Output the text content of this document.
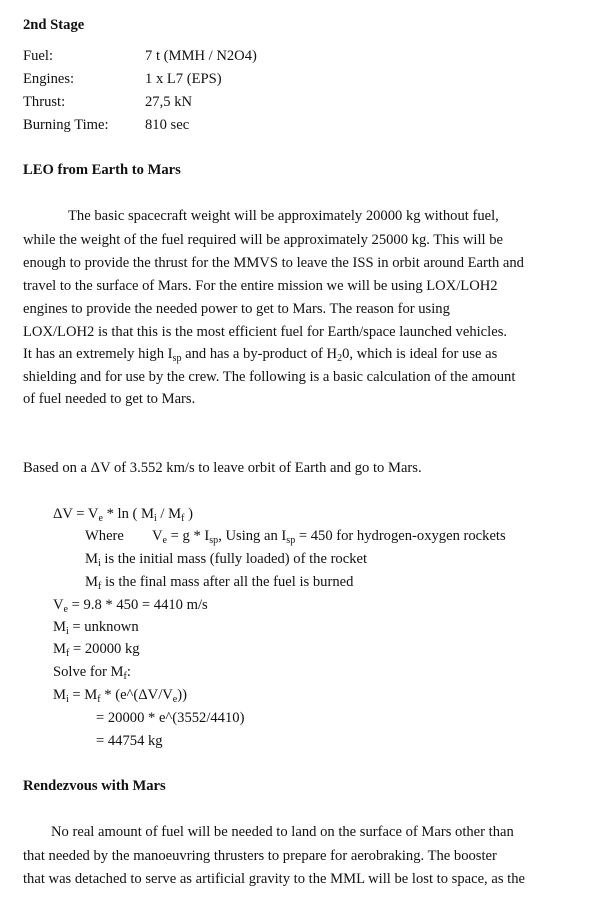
2nd Stage
Fuel:	7 t (MMH / N2O4)
Engines:	1 x L7 (EPS)
Thrust:	27,5 kN
Burning Time: 810 sec
LEO from Earth to Mars
The basic spacecraft weight will be approximately 20000 kg without fuel,
while the weight of the fuel required will be approximately 25000 kg. This will be
enough to provide the thrust for the MMVS to leave the ISS in orbit around Earth and
travel to the surface of Mars. For the entire mission we will be using LOX/LOH2
engines to provide the needed power to get to Mars. The reason for using
LOX/LOH2 is that this is the most efficient fuel for Earth/space launched vehicles.
It has an extremely high $I_{sp}$ and has a by-product of $H_20$, which is ideal for use as
shielding and for use by the crew. The following is a basic calculation of the amount
of fuel needed to get to Mars.
Based on a ΔV of 3.552 km/s to leave orbit of Earth and go to Mars.
$\Delta V = V_e * \ln$ ( $M_i / M_f$ )
Where $V_e = g * I_{sp}$, Using an $I_{sp} = 450$ for hydrogen-oxygen rockets
$M_i$ is the initial mass (fully loaded) of the rocket
$M_f$ is the final mass after all the fuel is burned
$V_e = 9.8 * 450 = 4410$ m/s
$M_i$ = unknown
$M_f = 20000$ kg
Solve for $M_f$:
$M_i = M_f$ * $(e\^{}(\Delta V/V_e))$
= 20000 * e^(3552/4410)
= 44754 kg
Rendezvous with Mars
No real amount of fuel will be needed to land on the surface of Mars other than
that needed by the manoeuvring thrusters to prepare for aerobraking. The booster
that was detached to serve as artificial gravity to the MML will be lost to space, as the
